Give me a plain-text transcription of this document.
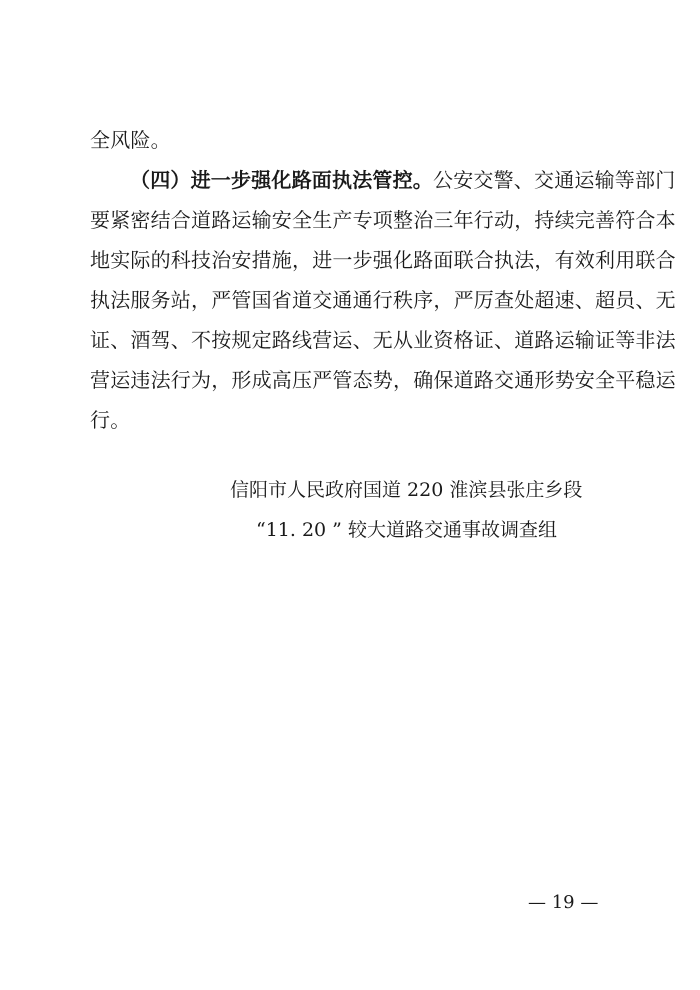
全风险。
（四）进一步强化路面执法管控。公安交警、交通运输等部门
要紧密结合道路运输安全生产专项整治三年行动，持续完善符合本
地实际的科技治安措施，进一步强化路面联合执法，有效利用联合
执法服务站，严管国省道交通通行秩序，严厉查处超速、超员、无
证、酒驾、不按规定路线营运、无从业资格证、道路运输证等非法
营运违法行为，形成高压严管态势，确保道路交通形势安全平稳运
行。
信阳市人民政府国道 220 淮滨县张庄乡段
“11. 20 ” 较大道路交通事故调查组
— 19 —
